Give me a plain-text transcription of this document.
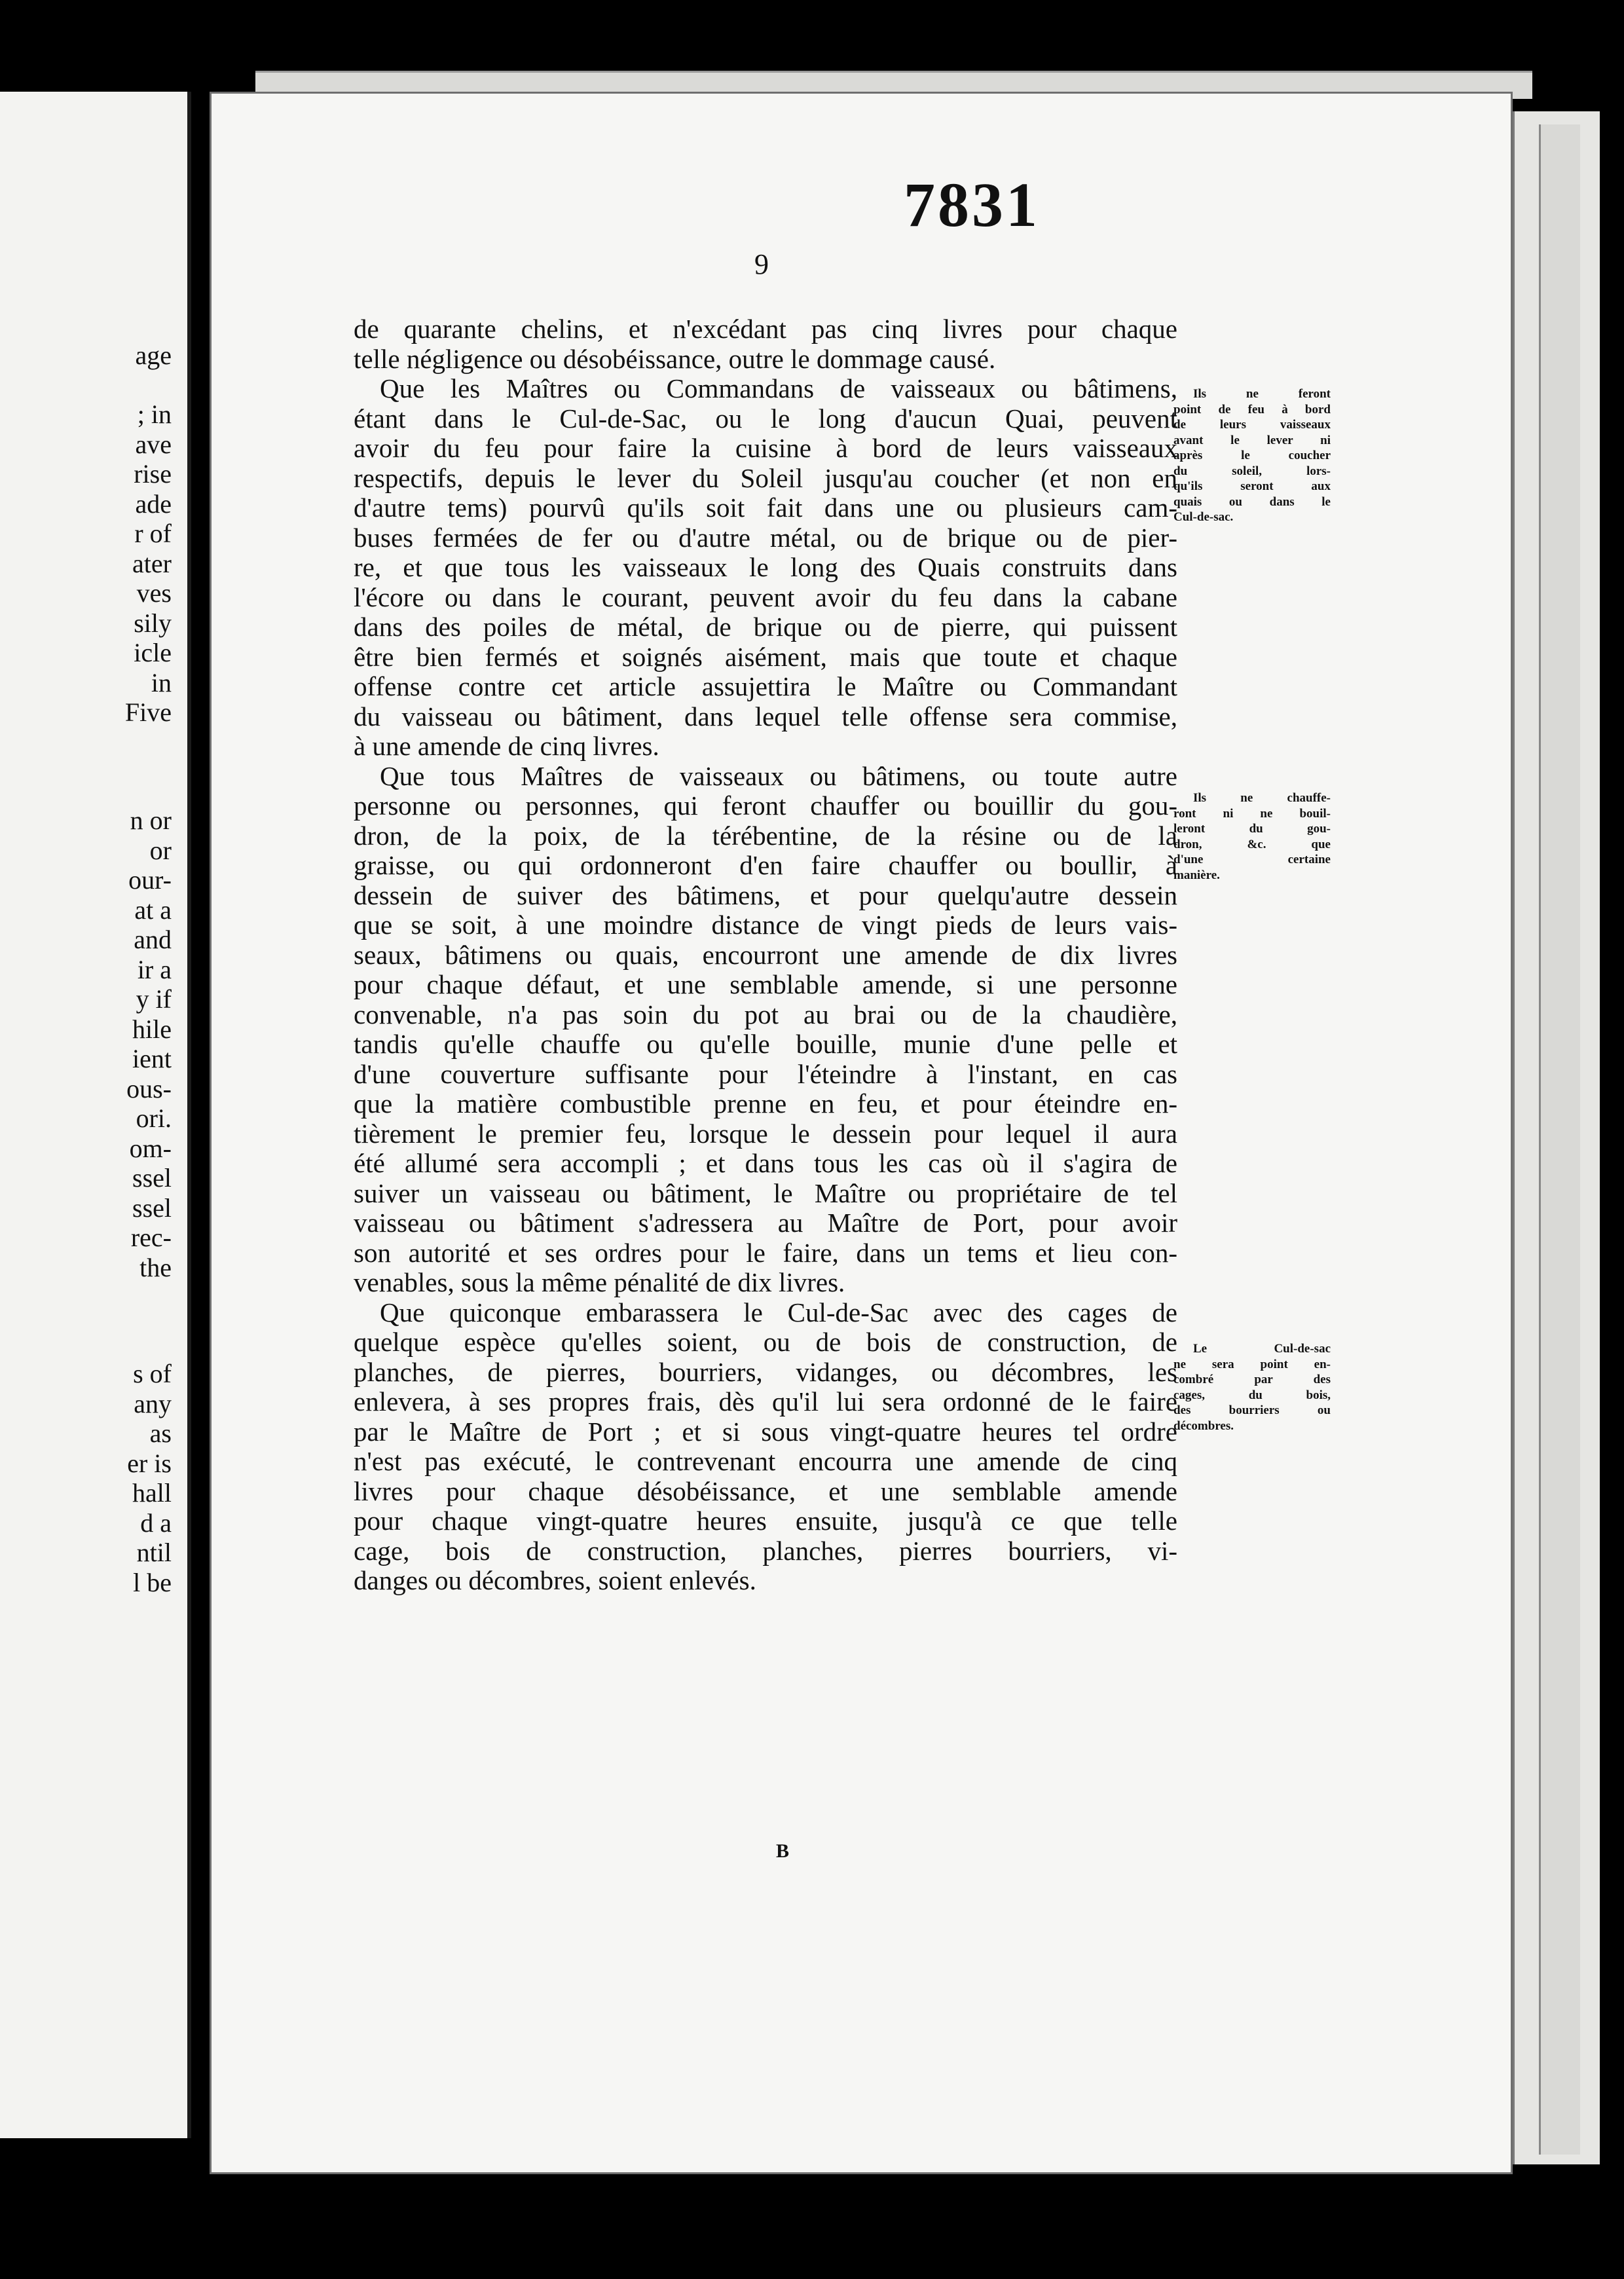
age
; in
ave
rise
ade
r of
ater
ves
sily
icle
in
Five
n or
or
our-
at a
and
ir a
y if
hile
ient
ous-
ori.
om-
ssel
ssel
rec-
the
s of
any
as
er is
hall
d a
ntil
l be
7831
9
de quarante chelins, et n'excédant pas cinq livres pour chaque
telle négligence ou désobéissance, outre le dommage causé.
Que les Maîtres ou Commandans de vaisseaux ou bâtimens,
étant dans le Cul-de-Sac, ou le long d'aucun Quai, peuvent
avoir du feu pour faire la cuisine à bord de leurs vaisseaux
respectifs, depuis le lever du Soleil jusqu'au coucher (et non en
d'autre tems) pourvû qu'ils soit fait dans une ou plusieurs cam-
buses fermées de fer ou d'autre métal, ou de brique ou de pier-
re, et que tous les vaisseaux le long des Quais construits dans
l'écore ou dans le courant, peuvent avoir du feu dans la cabane
dans des poiles de métal, de brique ou de pierre, qui puissent
être bien fermés et soignés aisément, mais que toute et chaque
offense contre cet article assujettira le Maître ou Commandant
du vaisseau ou bâtiment, dans lequel telle offense sera commise,
à une amende de cinq livres.
Que tous Maîtres de vaisseaux ou bâtimens, ou toute autre
personne ou personnes, qui feront chauffer ou bouillir du gou-
dron, de la poix, de la térébentine, de la résine ou de la
graisse, ou qui ordonneront d'en faire chauffer ou boullir, à
dessein de suiver des bâtimens, et pour quelqu'autre dessein
que se soit, à une moindre distance de vingt pieds de leurs vais-
seaux, bâtimens ou quais, encourront une amende de dix livres
pour chaque défaut, et une semblable amende, si une personne
convenable, n'a pas soin du pot au brai ou de la chaudière,
tandis qu'elle chauffe ou qu'elle bouille, munie d'une pelle et
d'une couverture suffisante pour l'éteindre à l'instant, en cas
que la matière combustible prenne en feu, et pour éteindre en-
tièrement le premier feu, lorsque le dessein pour lequel il aura
été allumé sera accompli ; et dans tous les cas où il s'agira de
suiver un vaisseau ou bâtiment, le Maître ou propriétaire de tel
vaisseau ou bâtiment s'adressera au Maître de Port, pour avoir
son autorité et ses ordres pour le faire, dans un tems et lieu con-
venables, sous la même pénalité de dix livres.
Que quiconque embarassera le Cul-de-Sac avec des cages de
quelque espèce qu'elles soient, ou de bois de construction, de
planches, de pierres, bourriers, vidanges, ou décombres, les
enlevera, à ses propres frais, dès qu'il lui sera ordonné de le faire
par le Maître de Port ; et si sous vingt-quatre heures tel ordre
n'est pas exécuté, le contrevenant encourra une amende de cinq
livres pour chaque désobéissance, et une semblable amende
pour chaque vingt-quatre heures ensuite, jusqu'à ce que telle
cage, bois de construction, planches, pierres bourriers, vi-
danges ou décombres, soient enlevés.
Ils ne feront
point de feu à bord
de leurs vaisseaux
avant le lever ni
après le coucher
du soleil, lors-
qu'ils seront aux
quais ou dans le
Cul-de-sac.
Ils ne chauffe-
ront ni ne bouil-
leront du gou-
dron, &c. que
d'une certaine
manière.
Le Cul-de-sac
ne sera point en-
combré par des
cages, du bois,
des bourriers ou
décombres.
B
